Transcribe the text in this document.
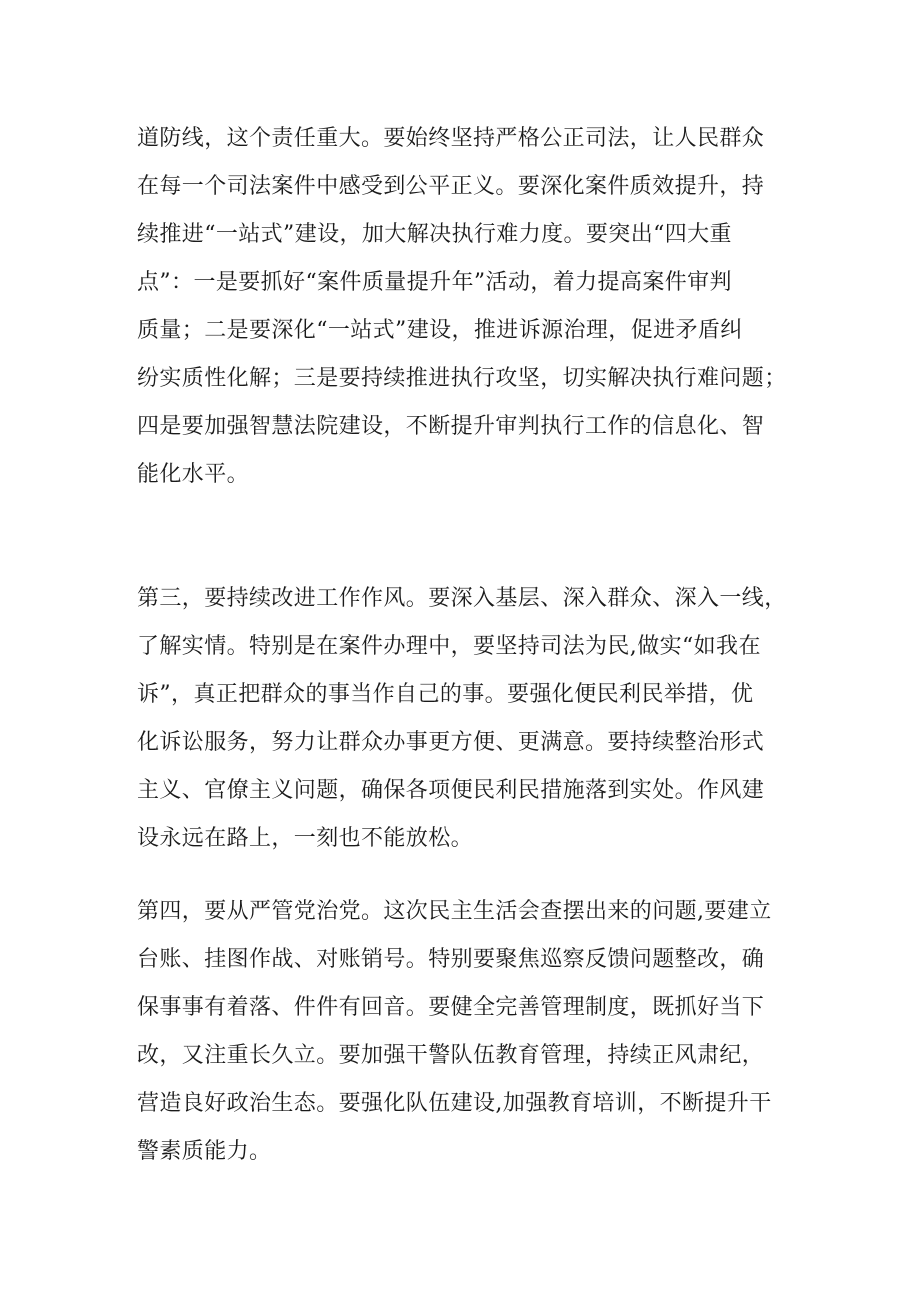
道防线，这个责任重大。要始终坚持严格公正司法，让人民群众
在每一个司法案件中感受到公平正义。要深化案件质效提升，持
续推进“一站式”建设，加大解决执行难力度。要突出“四大重
点”：一是要抓好“案件质量提升年”活动，着力提高案件审判
质量；二是要深化“一站式”建设，推进诉源治理，促进矛盾纠
纷实质性化解；三是要持续推进执行攻坚，切实解决执行难问题；
四是要加强智慧法院建设，不断提升审判执行工作的信息化、智
能化水平。
第三，要持续改进工作作风。要深入基层、深入群众、深入一线，
了解实情。特别是在案件办理中，要坚持司法为民,做实“如我在
诉”，真正把群众的事当作自己的事。要强化便民利民举措，优
化诉讼服务，努力让群众办事更方便、更满意。要持续整治形式
主义、官僚主义问题，确保各项便民利民措施落到实处。作风建
设永远在路上，一刻也不能放松。
第四，要从严管党治党。这次民主生活会查摆出来的问题,要建立
台账、挂图作战、对账销号。特别要聚焦巡察反馈问题整改，确
保事事有着落、件件有回音。要健全完善管理制度，既抓好当下
改，又注重长久立。要加强干警队伍教育管理，持续正风肃纪，
营造良好政治生态。要强化队伍建设,加强教育培训，不断提升干
警素质能力。
